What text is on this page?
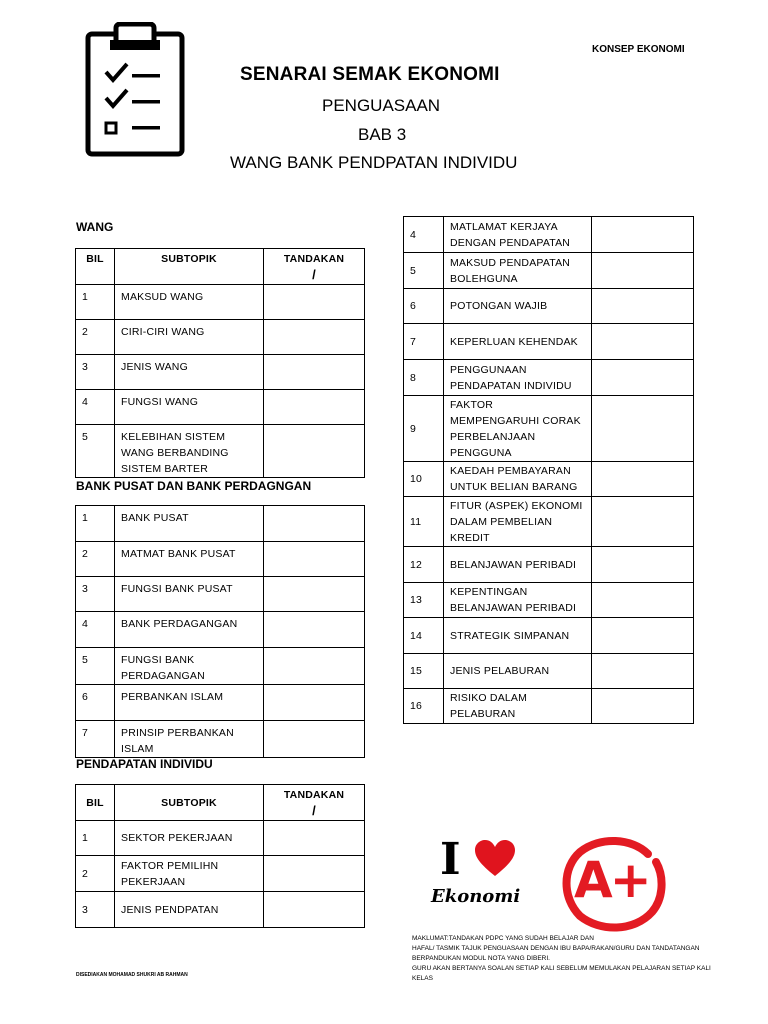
KONSEP EKONOMI
SENARAI SEMAK EKONOMI
PENGUASAAN
BAB 3
WANG BANK PENDPATAN INDIVIDU
WANG
BIL	SUBTOPIK	TANDAKAN
/
1	MAKSUD WANG	
2	CIRI-CIRI WANG	
3	JENIS WANG	
4	FUNGSI WANG	
5	KELEBIHAN SISTEM WANG BERBANDING SISTEM BARTER	
BANK PUSAT DAN BANK PERDAGNGAN
1	BANK PUSAT	
2	MATMAT BANK PUSAT	
3	FUNGSI BANK PUSAT	
4	BANK PERDAGANGAN	
5	FUNGSI BANK PERDAGANGAN	
6	PERBANKAN ISLAM	
7	PRINSIP PERBANKAN ISLAM	
PENDAPATAN INDIVIDU
BIL	SUBTOPIK	TANDAKAN
/
1	SEKTOR PEKERJAAN	
2	FAKTOR PEMILIHN PEKERJAAN	
3	JENIS PENDPATAN	
4	MATLAMAT KERJAYA DENGAN PENDAPATAN	
5	MAKSUD PENDAPATAN BOLEHGUNA	
6	POTONGAN WAJIB	
7	KEPERLUAN KEHENDAK	
8	PENGGUNAAN PENDAPATAN INDIVIDU	
9	FAKTOR MEMPENGARUHI CORAK PERBELANJAAN PENGGUNA	
10	KAEDAH PEMBAYARAN UNTUK BELIAN BARANG	
11	FITUR (ASPEK) EKONOMI DALAM PEMBELIAN KREDIT	
12	BELANJAWAN PERIBADI	
13	KEPENTINGAN BELANJAWAN PERIBADI	
14	STRATEGIK SIMPANAN	
15	JENIS PELABURAN	
16	RISIKO DALAM PELABURAN	
I
Ekonomi A+
MAKLUMAT:TANDAKAN PDPC YANG SUDAH BELAJAR DAN
HAFAL/ TASMIK TAJUK PENGUASAAN DENGAN IBU BAPA/RAKAN/GURU DAN TANDATANGAN
BERPANDUKAN MODUL NOTA YANG DIBERI.
GURU AKAN BERTANYA SOALAN SETIAP KALI SEBELUM MEMULAKAN PELAJARAN SETIAP KALI KELAS
DISEDIAKAN MOHAMAD SHUKRI AB RAHMAN
